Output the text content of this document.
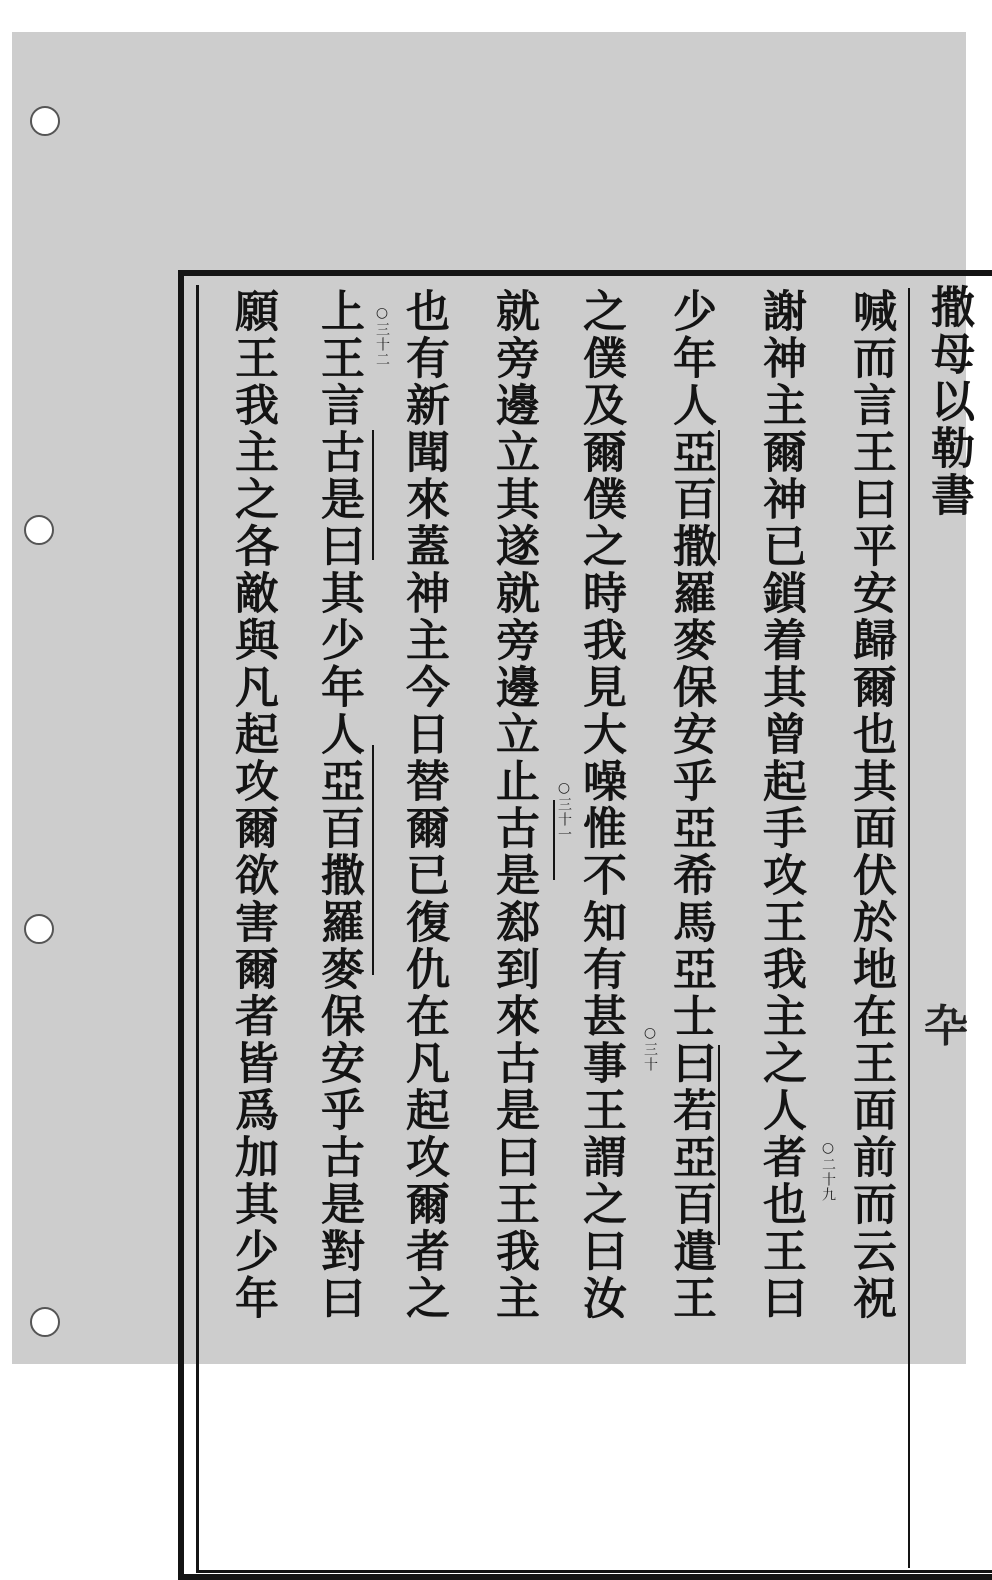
撒母以勒書
卆
喊而言王曰平安歸爾也其面伏於地在王面前而云祝
謝神主爾神已鎖着其曾起手攻王我主之人者也王曰
少年人亞百撒羅麥保安乎亞希馬亞士曰若亞百遣王
之僕及爾僕之時我見大噪惟不知有甚事王謂之曰汝
就旁邊立其遂就旁邊立止古是郄到來古是曰王我主
也有新聞來蓋神主今日替爾已復仇在凡起攻爾者之
上王言古是曰其少年人亞百撒羅麥保安乎古是對曰
願王我主之各敵與凡起攻爾欲害爾者皆爲加其少年	○二十九
○三十
○三十一
○三十二
